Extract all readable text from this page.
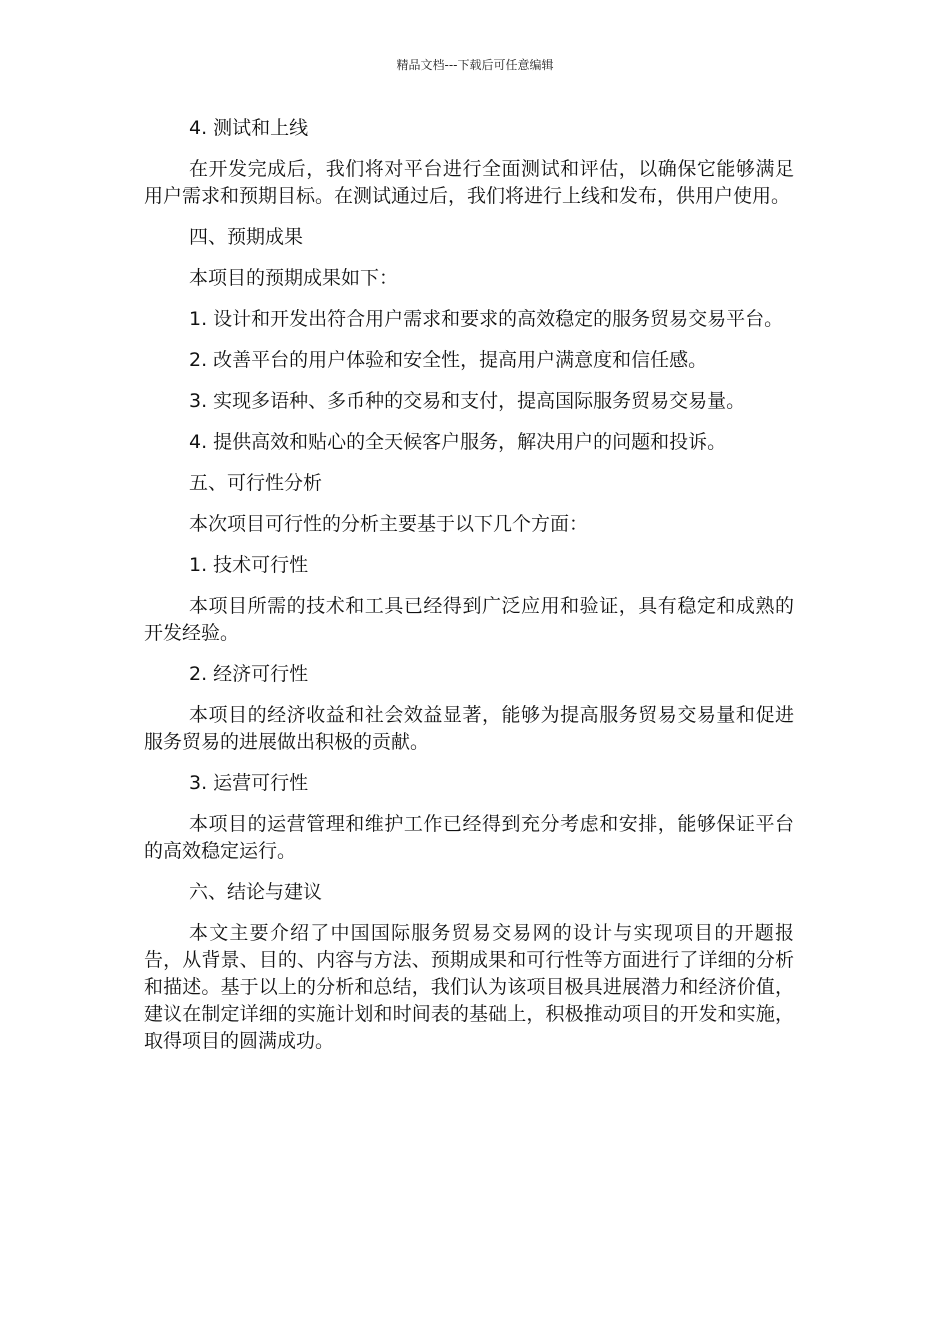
精品文档---下载后可任意编辑

4. 测试和上线

在开发完成后，我们将对平台进行全面测试和评估，以确保它能够满足用户需求和预期目标。在测试通过后，我们将进行上线和发布，供用户使用。

四、预期成果

本项目的预期成果如下：

1. 设计和开发出符合用户需求和要求的高效稳定的服务贸易交易平台。

2. 改善平台的用户体验和安全性，提高用户满意度和信任感。

3. 实现多语种、多币种的交易和支付，提高国际服务贸易交易量。

4. 提供高效和贴心的全天候客户服务，解决用户的问题和投诉。

五、可行性分析

本次项目可行性的分析主要基于以下几个方面：

1. 技术可行性

本项目所需的技术和工具已经得到广泛应用和验证，具有稳定和成熟的开发经验。

2. 经济可行性

本项目的经济收益和社会效益显著，能够为提高服务贸易交易量和促进服务贸易的进展做出积极的贡献。

3. 运营可行性

本项目的运营管理和维护工作已经得到充分考虑和安排，能够保证平台的高效稳定运行。

六、结论与建议

本文主要介绍了中国国际服务贸易交易网的设计与实现项目的开题报告，从背景、目的、内容与方法、预期成果和可行性等方面进行了详细的分析和描述。基于以上的分析和总结，我们认为该项目极具进展潜力和经济价值，建议在制定详细的实施计划和时间表的基础上，积极推动项目的开发和实施，取得项目的圆满成功。
